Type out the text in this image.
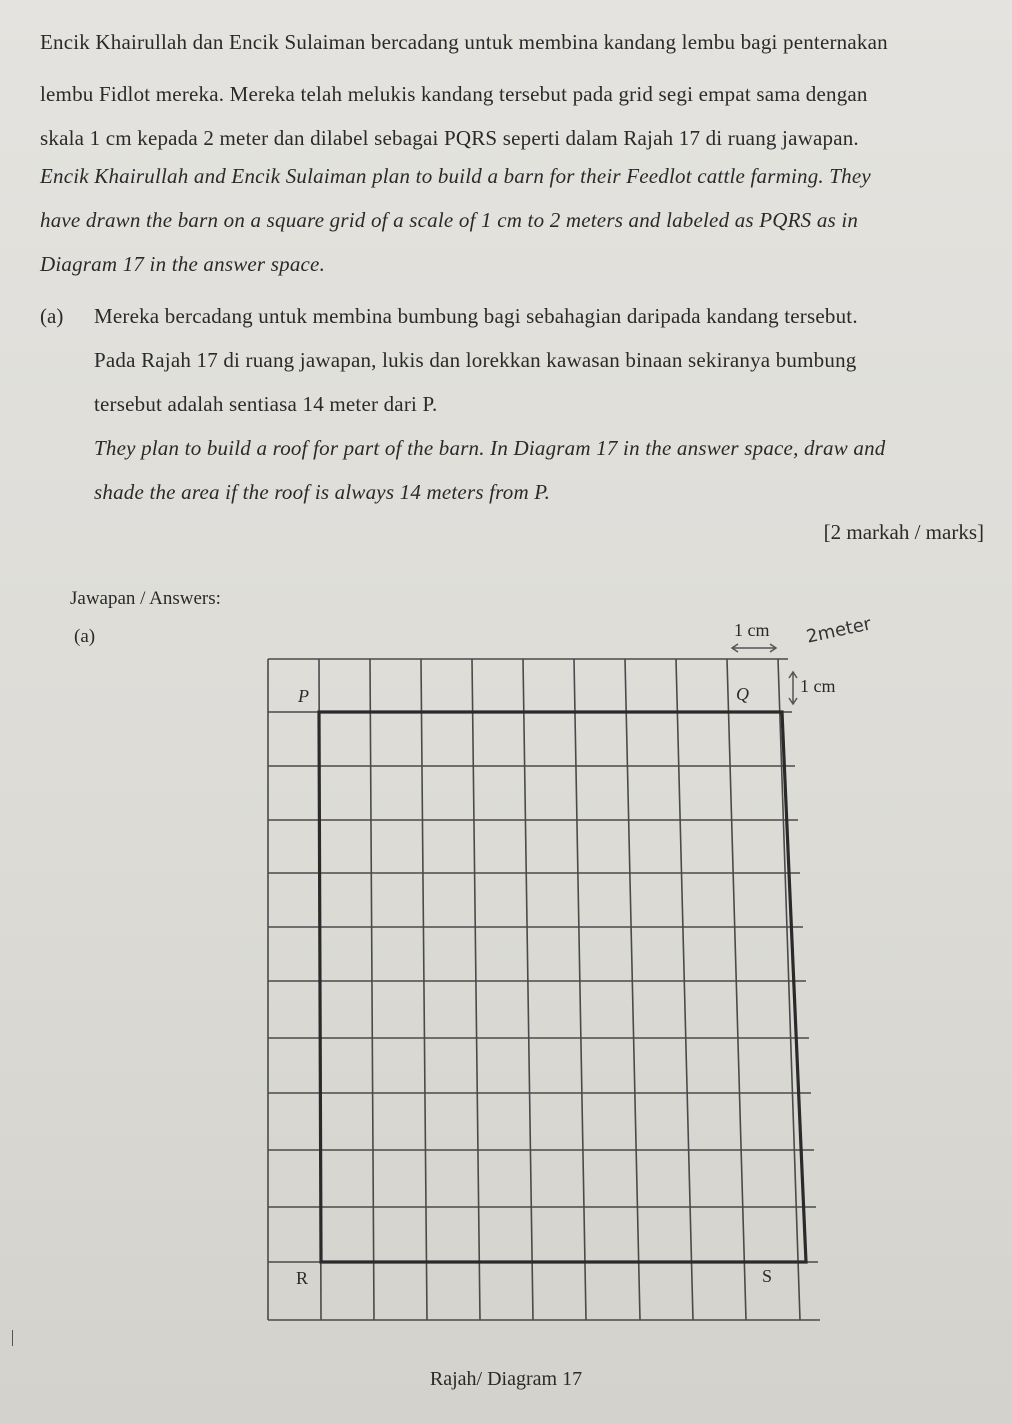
Encik Khairullah dan Encik Sulaiman bercadang untuk membina kandang lembu bagi penternakan
lembu Fidlot mereka. Mereka telah melukis kandang tersebut pada grid segi empat sama dengan
skala 1 cm kepada 2 meter dan dilabel sebagai PQRS seperti dalam Rajah 17 di ruang jawapan.
Encik Khairullah and Encik Sulaiman plan to build a barn for their Feedlot cattle farming. They
have drawn the barn on a square grid of a scale of 1 cm to 2 meters and labeled as PQRS as in
Diagram 17 in the answer space.
(a) Mereka bercadang untuk membina bumbung bagi sebahagian daripada kandang tersebut.
Pada Rajah 17 di ruang jawapan, lukis dan lorekkan kawasan binaan sekiranya bumbung
tersebut adalah sentiasa 14 meter dari P.
They plan to build a roof for part of the barn. In Diagram 17 in the answer space, draw and
shade the area if the roof is always 14 meters from P.
[2 markah / marks]
Jawapan / Answers:
(a)	1 cm
1 cm
2meter
P	Q
R	S
Rajah/ Diagram 17
